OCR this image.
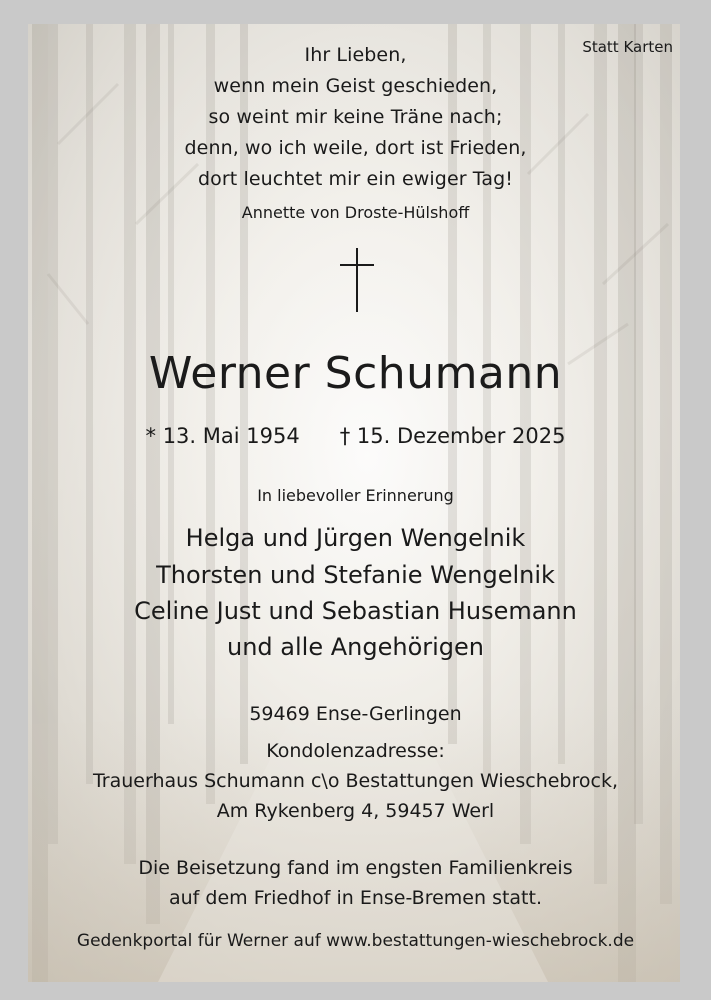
Statt Karten
Ihr Lieben,
wenn mein Geist geschieden,
so weint mir keine Träne nach;
denn, wo ich weile, dort ist Frieden,
dort leuchtet mir ein ewiger Tag!
Annette von Droste-Hülshoff
Werner Schumann
* 13. Mai 1954 † 15. Dezember 2025
In liebevoller Erinnerung
Helga und Jürgen Wengelnik
Thorsten und Stefanie Wengelnik
Celine Just und Sebastian Husemann
und alle Angehörigen
59469 Ense-Gerlingen
Kondolenzadresse:
Trauerhaus Schumann c\o Bestattungen Wieschebrock,
Am Rykenberg 4, 59457 Werl
Die Beisetzung fand im engsten Familienkreis
auf dem Friedhof in Ense-Bremen statt.
Gedenkportal für Werner auf www.bestattungen-wieschebrock.de
